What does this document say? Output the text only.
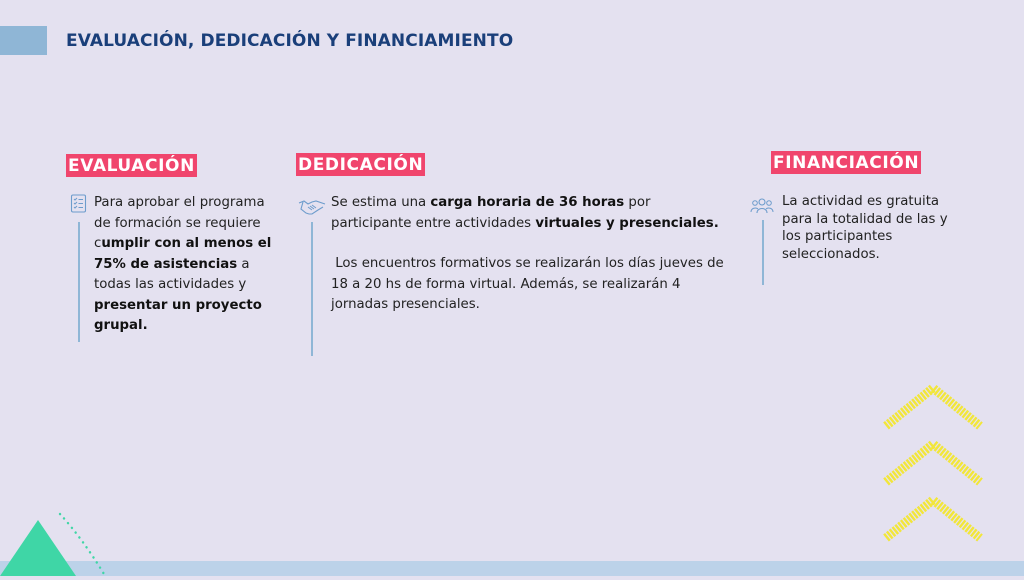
EVALUACIÓN, DEDICACIÓN Y FINANCIAMIENTO
EVALUACIÓN
Para aprobar el programa de formación se requiere cumplir con al menos el 75% de asistencias a todas las actividades y presentar un proyecto grupal.
DEDICACIÓN
Se estima una carga horaria de 36 horas por participante entre actividades virtuales y presenciales.
Los encuentros formativos se realizarán los días jueves de 18 a 20 hs de forma virtual. Además, se realizarán 4 jornadas presenciales.
FINANCIACIÓN
La actividad es gratuita para la totalidad de las y los participantes seleccionados.
